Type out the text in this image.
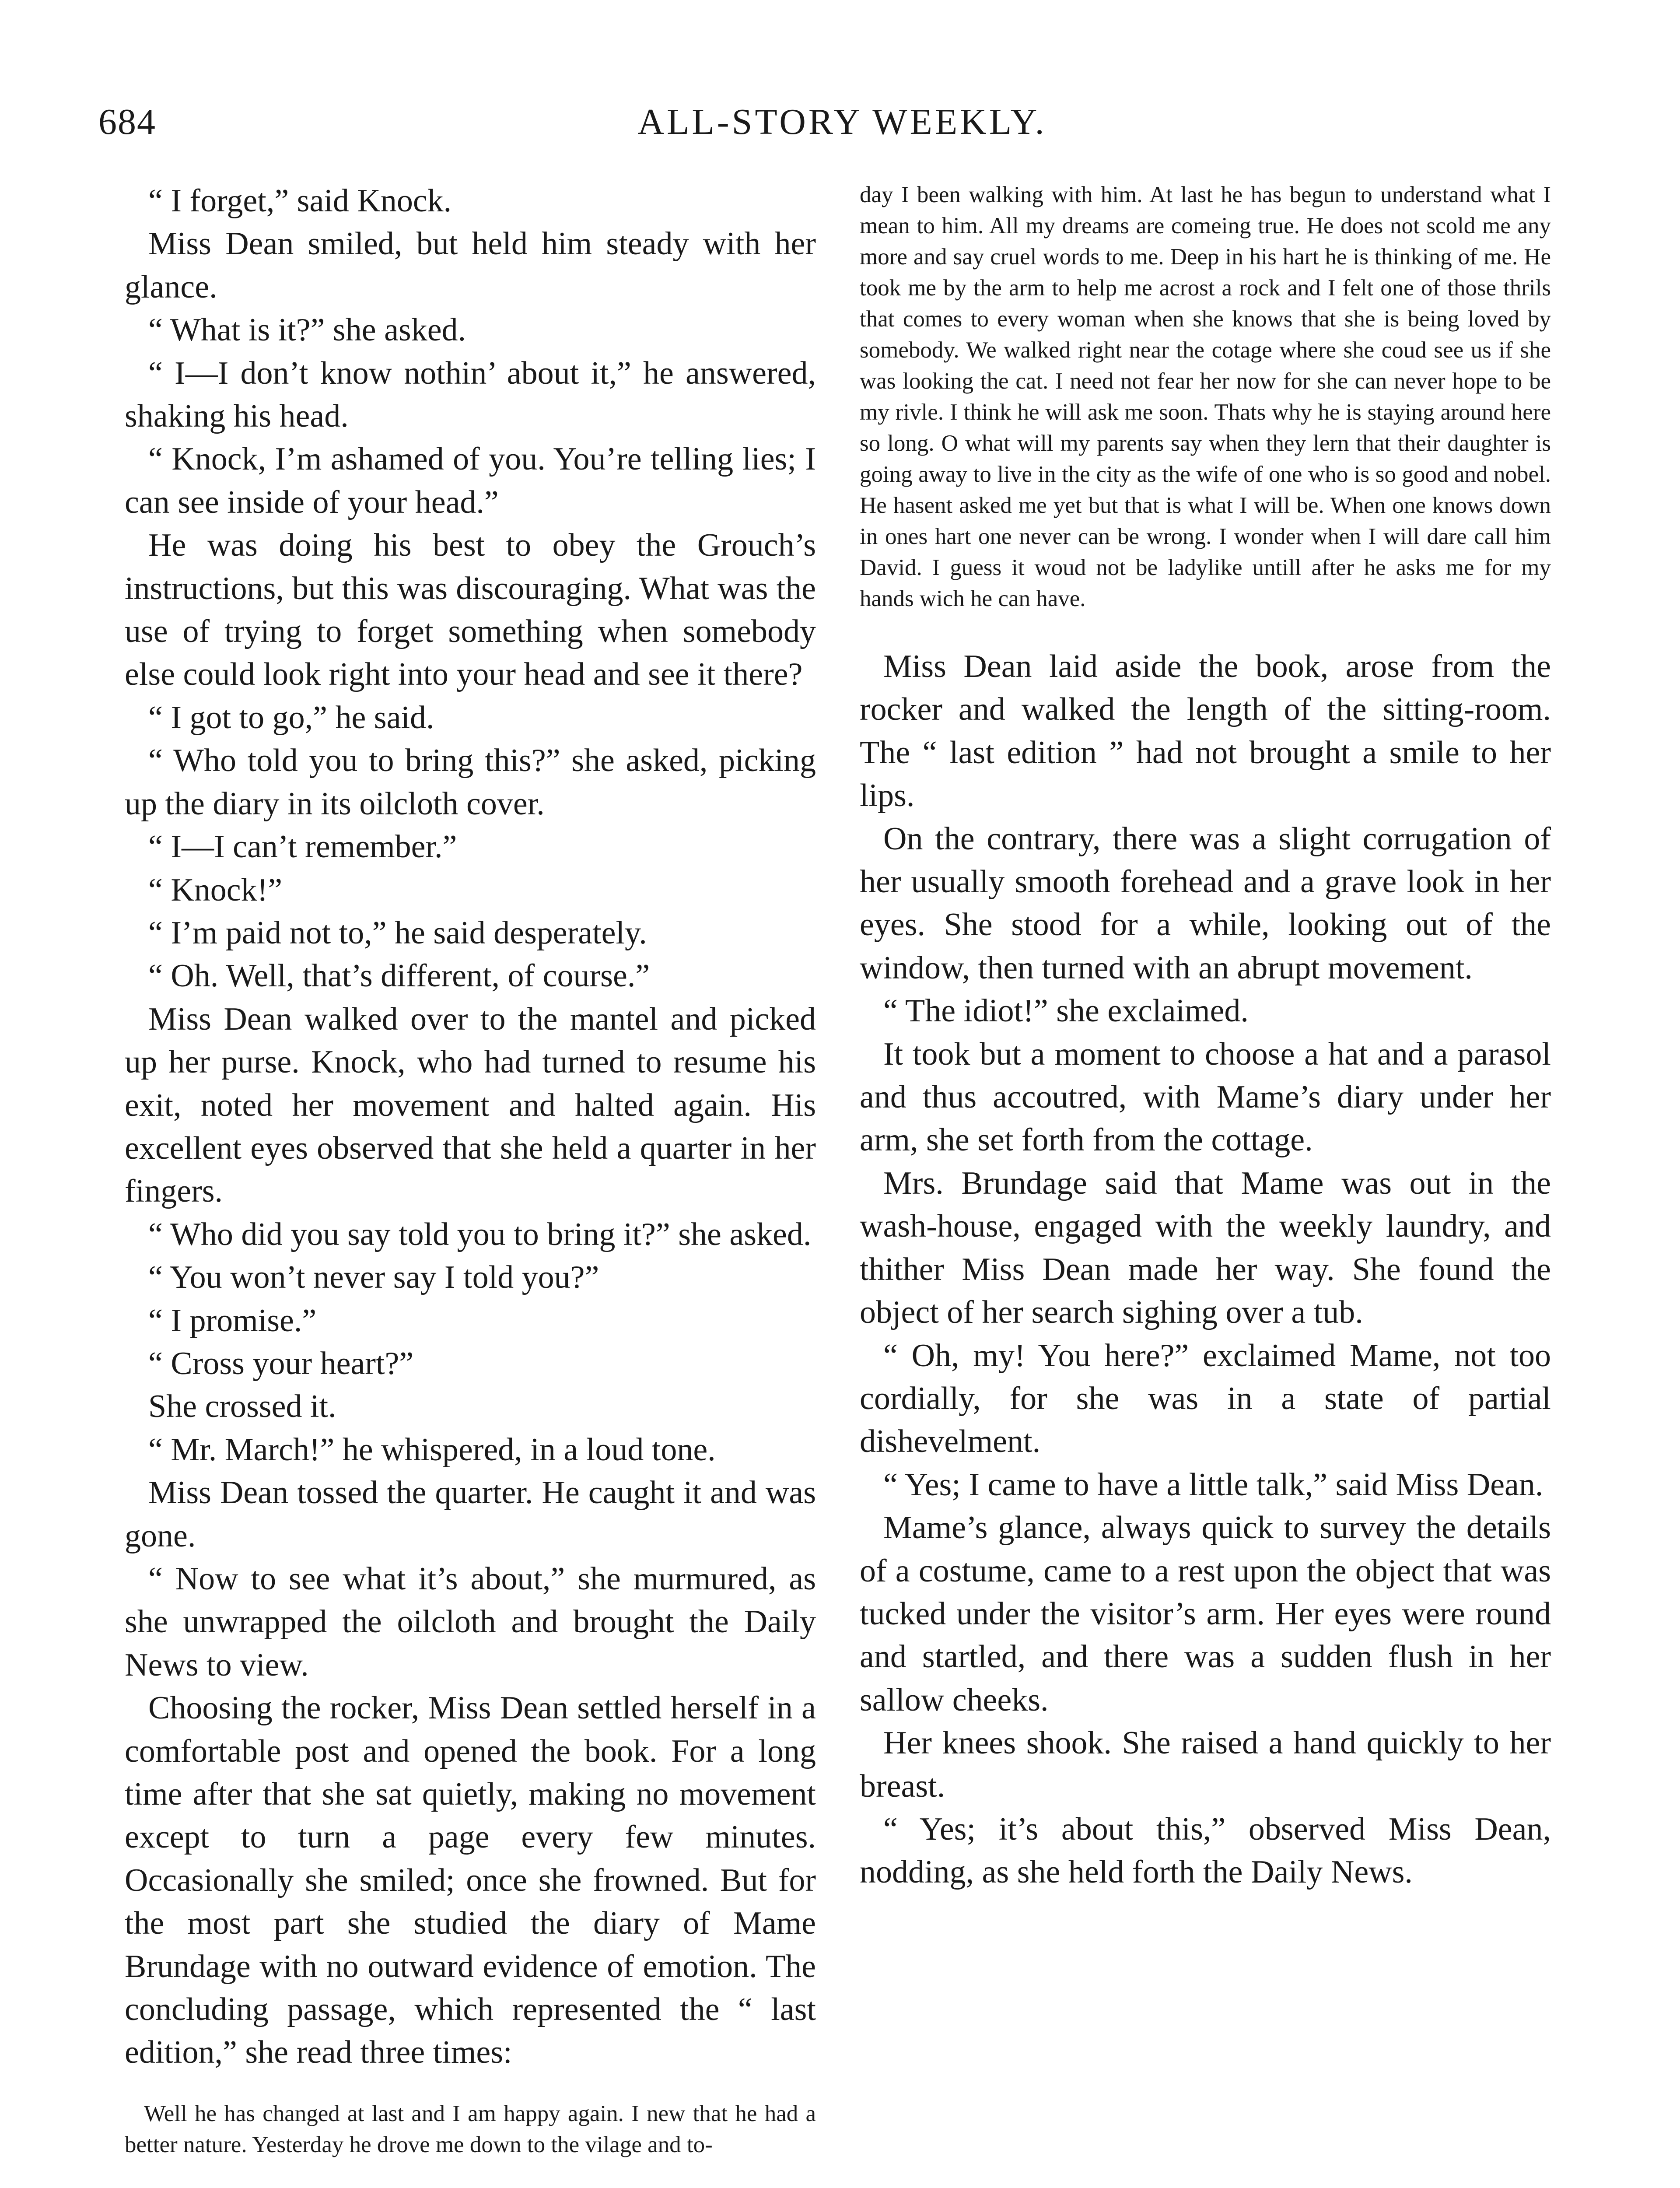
684	ALL-STORY WEEKLY.

“ I forget,” said Knock.

Miss Dean smiled, but held him steady with her glance.

“ What is it?” she asked.

“ I—I don’t know nothin’ about it,” he answered, shaking his head.

“ Knock, I’m ashamed of you. You’re telling lies; I can see inside of your head.”

He was doing his best to obey the Grouch’s instructions, but this was discouraging. What was the use of trying to forget something when somebody else could look right into your head and see it there?

“ I got to go,” he said.

“ Who told you to bring this?” she asked, picking up the diary in its oilcloth cover.

“ I—I can’t remember.”

“ Knock!”

“ I’m paid not to,” he said desperately.

“ Oh. Well, that’s different, of course.”

Miss Dean walked over to the mantel and picked up her purse. Knock, who had turned to resume his exit, noted her movement and halted again. His excellent eyes observed that she held a quarter in her fingers.

“ Who did you say told you to bring it?” she asked.

“ You won’t never say I told you?”

“ I promise.”

“ Cross your heart?”

She crossed it.

“ Mr. March!” he whispered, in a loud tone.

Miss Dean tossed the quarter. He caught it and was gone.

“ Now to see what it’s about,” she murmured, as she unwrapped the oilcloth and brought the Daily News to view.

Choosing the rocker, Miss Dean settled herself in a comfortable post and opened the book. For a long time after that she sat quietly, making no movement except to turn a page every few minutes. Occasionally she smiled; once she frowned. But for the most part she studied the diary of Mame Brundage with no outward evidence of emotion. The concluding passage, which represented the “ last edition,” she read three times:

Well he has changed at last and I am happy again. I new that he had a better nature. Yesterday he drove me down to the vilage and to-

day I been walking with him. At last he has begun to understand what I mean to him. All my dreams are comeing true. He does not scold me any more and say cruel words to me. Deep in his hart he is thinking of me. He took me by the arm to help me acrost a rock and I felt one of those thrils that comes to every woman when she knows that she is being loved by somebody. We walked right near the cotage where she coud see us if she was looking the cat. I need not fear her now for she can never hope to be my rivle. I think he will ask me soon. Thats why he is staying around here so long. O what will my parents say when they lern that their daughter is going away to live in the city as the wife of one who is so good and nobel. He hasent asked me yet but that is what I will be. When one knows down in ones hart one never can be wrong. I wonder when I will dare call him David. I guess it woud not be ladylike untill after he asks me for my hands wich he can have.

Miss Dean laid aside the book, arose from the rocker and walked the length of the sitting-room. The “ last edition ” had not brought a smile to her lips.

On the contrary, there was a slight corrugation of her usually smooth forehead and a grave look in her eyes. She stood for a while, looking out of the window, then turned with an abrupt movement.

“ The idiot!” she exclaimed.

It took but a moment to choose a hat and a parasol and thus accoutred, with Mame’s diary under her arm, she set forth from the cottage.

Mrs. Brundage said that Mame was out in the wash-house, engaged with the weekly laundry, and thither Miss Dean made her way. She found the object of her search sighing over a tub.

“ Oh, my! You here?” exclaimed Mame, not too cordially, for she was in a state of partial dishevelment.

“ Yes; I came to have a little talk,” said Miss Dean.

Mame’s glance, always quick to survey the details of a costume, came to a rest upon the object that was tucked under the visitor’s arm. Her eyes were round and startled, and there was a sudden flush in her sallow cheeks.

Her knees shook. She raised a hand quickly to her breast.

“ Yes; it’s about this,” observed Miss Dean, nodding, as she held forth the Daily News.
